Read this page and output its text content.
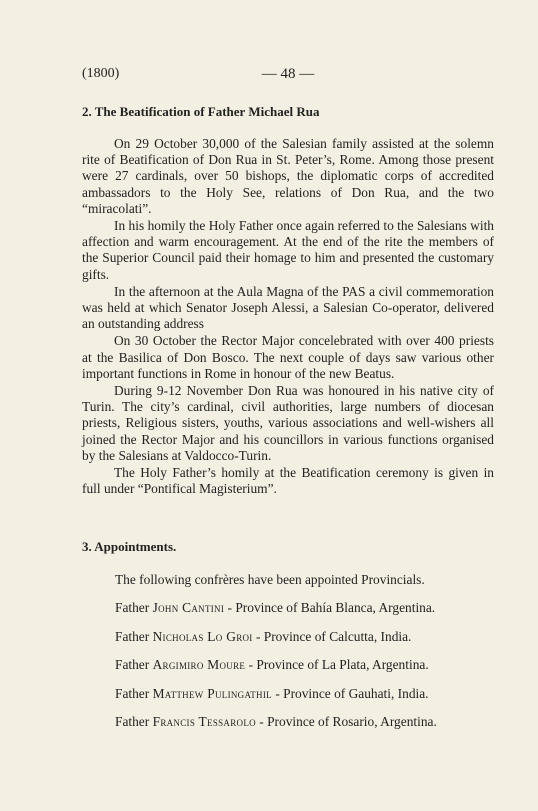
(1800)	— 48 —
2. The Beatification of Father Michael Rua

On 29 October 30,000 of the Salesian family assisted at the solemn rite of Beatification of Don Rua in St. Peter’s, Rome. Among those present were 27 cardinals, over 50 bishops, the diplomatic corps of accredited ambassadors to the Holy See, relations of Don Rua, and the two “miracolati”.

In his homily the Holy Father once again referred to the Salesians with affection and warm encouragement. At the end of the rite the members of the Superior Council paid their homage to him and presented the customary gifts.

In the afternoon at the Aula Magna of the PAS a civil commemoration was held at which Senator Joseph Alessi, a Salesian Co-operator, delivered an outstanding address

On 30 October the Rector Major concelebrated with over 400 priests at the Basilica of Don Bosco. The next couple of days saw various other important functions in Rome in honour of the new Beatus.

During 9-12 November Don Rua was honoured in his native city of Turin. The city’s cardinal, civil authorities, large numbers of diocesan priests, Religious sisters, youths, various associations and well-wishers all joined the Rector Major and his councillors in various functions organised by the Salesians at Valdocco-Turin.

The Holy Father’s homily at the Beatification ceremony is given in full under “Pontifical Magisterium”.

3. Appointments.

The following confrères have been appointed Provincials.

Father John Cantini - Province of Bahía Blanca, Argentina.

Father Nicholas Lo Groi - Province of Calcutta, India.

Father Argimiro Moure - Province of La Plata, Argentina.

Father Matthew Pulingathil - Province of Gauhati, India.

Father Francis Tessarolo - Province of Rosario, Argentina.
